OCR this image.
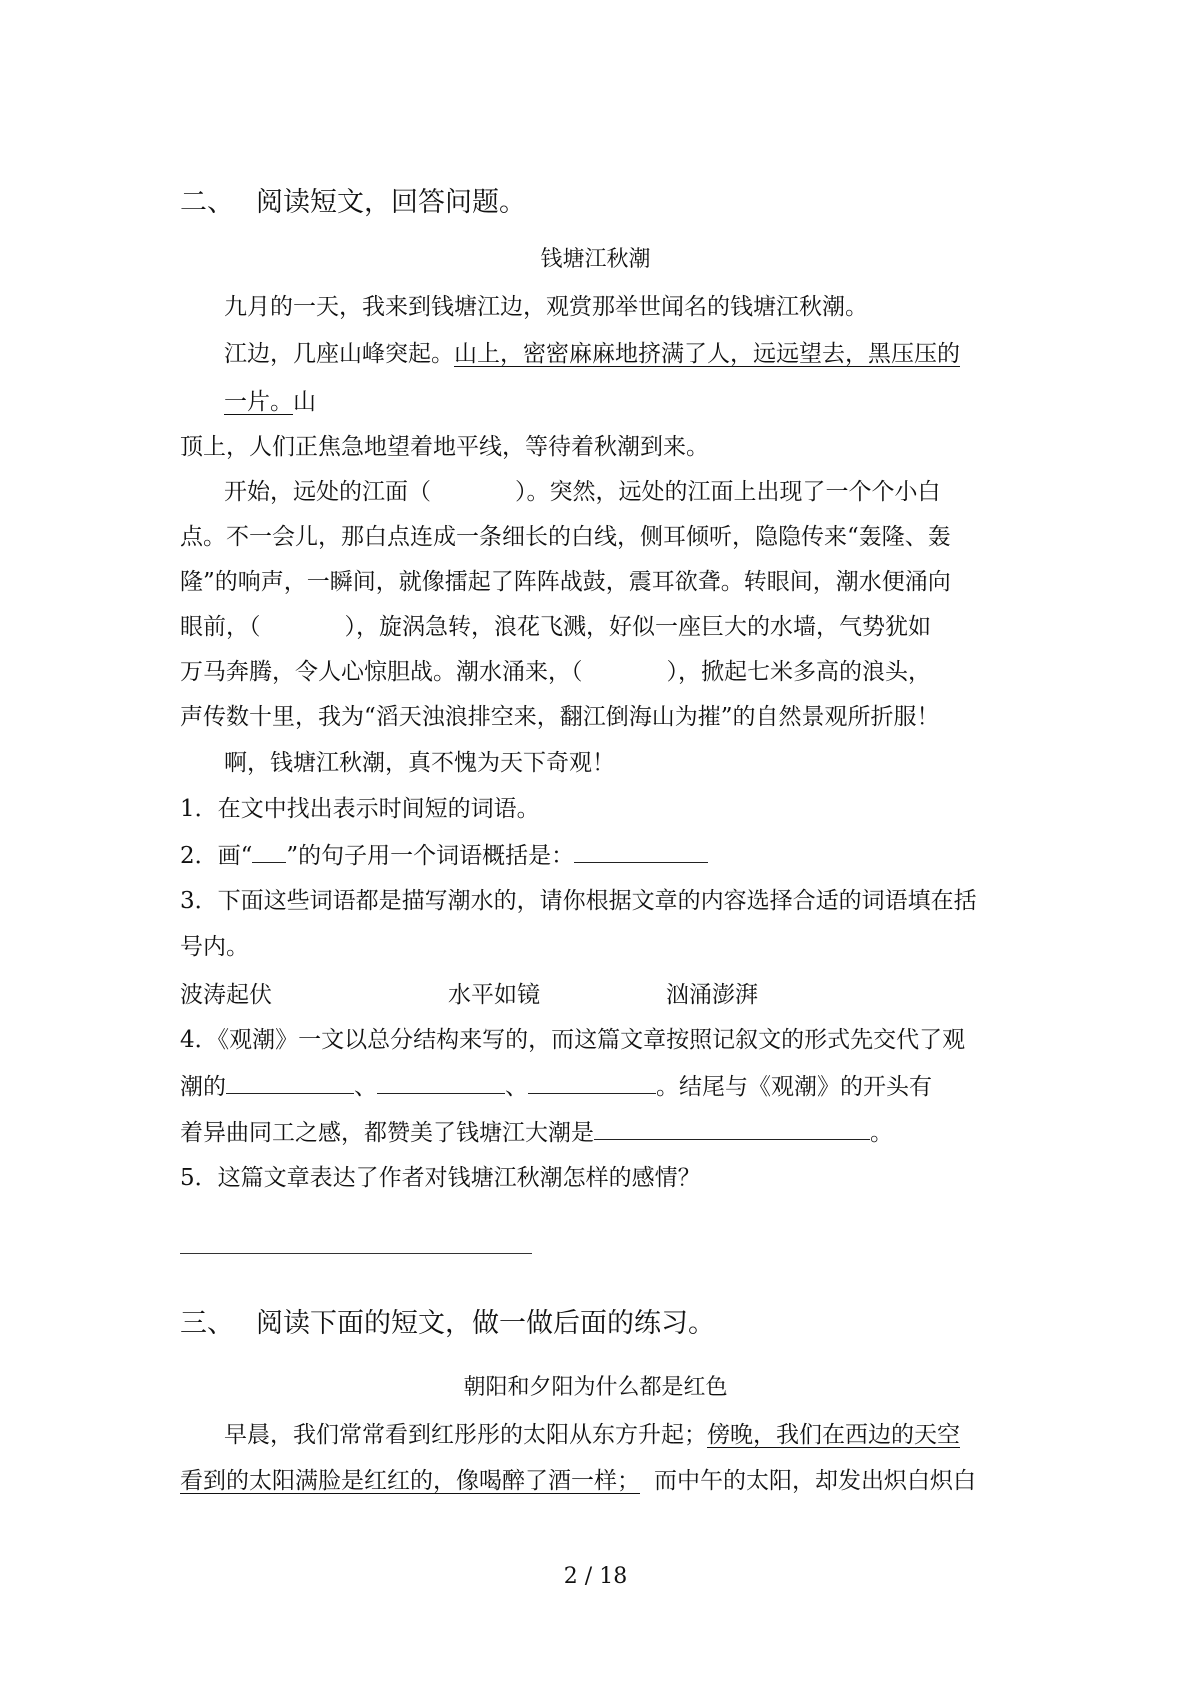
二、 阅读短文，回答问题。
钱塘江秋潮
九月的一天，我来到钱塘江边，观赏那举世闻名的钱塘江秋潮。
江边，几座山峰突起。山上，密密麻麻地挤满了人，远远望去，黑压压的
一片。山
顶上，人们正焦急地望着地平线，等待着秋潮到来。
开始，远处的江面（	）。突然，远处的江面上出现了一个个小白
点。不一会儿，那白点连成一条细长的白线，侧耳倾听，隐隐传来“轰隆、轰
隆”的响声，一瞬间，就像擂起了阵阵战鼓，震耳欲聋。转眼间，潮水便涌向
眼前，（	），旋涡急转，浪花飞溅，好似一座巨大的水墙，气势犹如
万马奔腾，令人心惊胆战。潮水涌来，（	），掀起七米多高的浪头，
声传数十里，我为“滔天浊浪排空来，翻江倒海山为摧”的自然景观所折服！
啊，钱塘江秋潮，真不愧为天下奇观！
1．在文中找出表示时间短的词语。
2．画“ ”的句子用一个词语概括是：
3．下面这些词语都是描写潮水的，请你根据文章的内容选择合适的词语填在括
号内。
波涛起伏	水平如镜	汹涌澎湃
4．《观潮》一文以总分结构来写的，而这篇文章按照记叙文的形式先交代了观
潮的	、	、	。结尾与《观潮》的开头有
着异曲同工之感，都赞美了钱塘江大潮是	。
5．这篇文章表达了作者对钱塘江秋潮怎样的感情？
三、 阅读下面的短文，做一做后面的练习。
朝阳和夕阳为什么都是红色
早晨，我们常常看到红彤彤的太阳从东方升起；傍晚，我们在西边的天空
看到的太阳满脸是红红的，像喝醉了酒一样； 而中午的太阳，却发出炽白炽白
2 / 18
